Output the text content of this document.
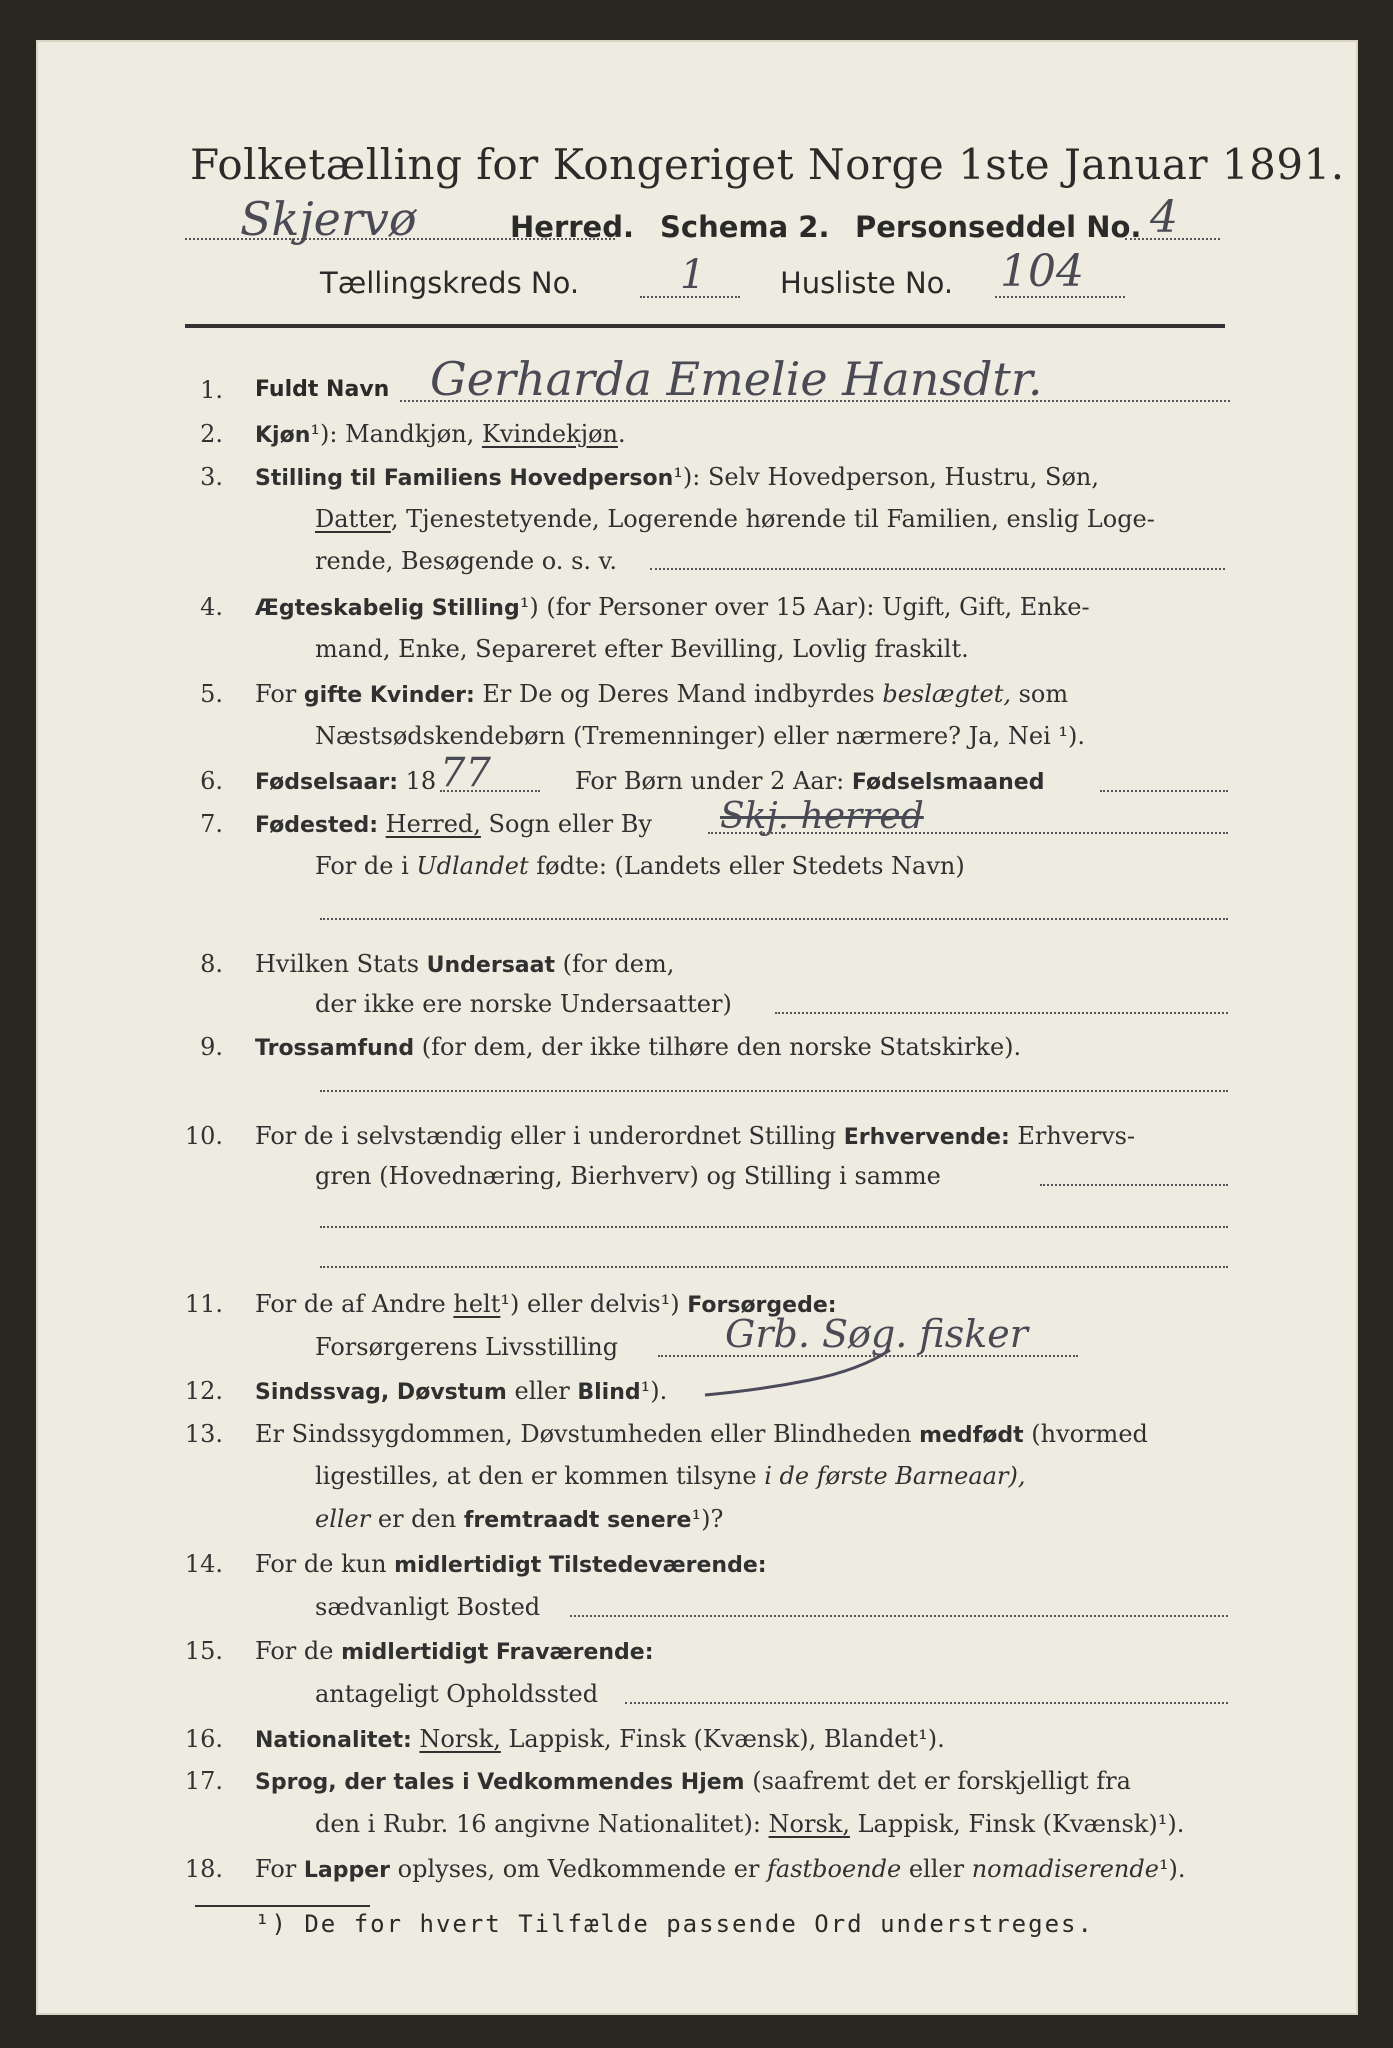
Folketælling for Kongeriget Norge 1ste Januar 1891.
Skjervø	Herred. Schema 2. Personseddel No. 4
Tællingskreds No.	1	Husliste No. 104
1. Fuldt Navn Gerharda Emelie Hansdtr.
2. Kjøn¹): Mandkjøn, Kvindekjøn.
3. Stilling til Familiens Hovedperson¹): Selv Hovedperson, Hustru, Søn,
Datter, Tjenestetyende, Logerende hørende til Familien, enslig Loge-
rende, Besøgende o. s. v.
4. Ægteskabelig Stilling¹) (for Personer over 15 Aar): Ugift, Gift, Enke-
mand, Enke, Separeret efter Bevilling, Lovlig fraskilt.
5. For gifte Kvinder: Er De og Deres Mand indbyrdes beslægtet, som
Næstsødskendebørn (Tremenninger) eller nærmere? Ja, Nei ¹).
6. Fødselsaar: 18 77	For Børn under 2 Aar: Fødselsmaaned
7. Fødested: Herred, Sogn eller By Skj. herred
For de i Udlandet fødte: (Landets eller Stedets Navn)
8. Hvilken Stats Undersaat (for dem,
der ikke ere norske Undersaatter)
9. Trossamfund (for dem, der ikke tilhøre den norske Statskirke).
10. For de i selvstændig eller i underordnet Stilling Erhvervende: Erhvervs-
gren (Hovednæring, Bierhverv) og Stilling i samme
11. For de af Andre helt¹) eller delvis¹) Forsørgede:
Forsørgerens Livsstilling	Grb. Søg. fisker
12. Sindssvag, Døvstum eller Blind¹).
13. Er Sindssygdommen, Døvstumheden eller Blindheden medfødt (hvormed
ligestilles, at den er kommen tilsyne i de første Barneaar),
eller er den fremtraadt senere¹)?
14. For de kun midlertidigt Tilstedeværende:
sædvanligt Bosted
15. For de midlertidigt Fraværende:
antageligt Opholdssted
16. Nationalitet: Norsk, Lappisk, Finsk (Kvænsk), Blandet¹).
17. Sprog, der tales i Vedkommendes Hjem (saafremt det er forskjelligt fra
den i Rubr. 16 angivne Nationalitet): Norsk, Lappisk, Finsk (Kvænsk)¹).
18. For Lapper oplyses, om Vedkommende er fastboende eller nomadiserende¹).
¹) De for hvert Tilfælde passende Ord understreges.
